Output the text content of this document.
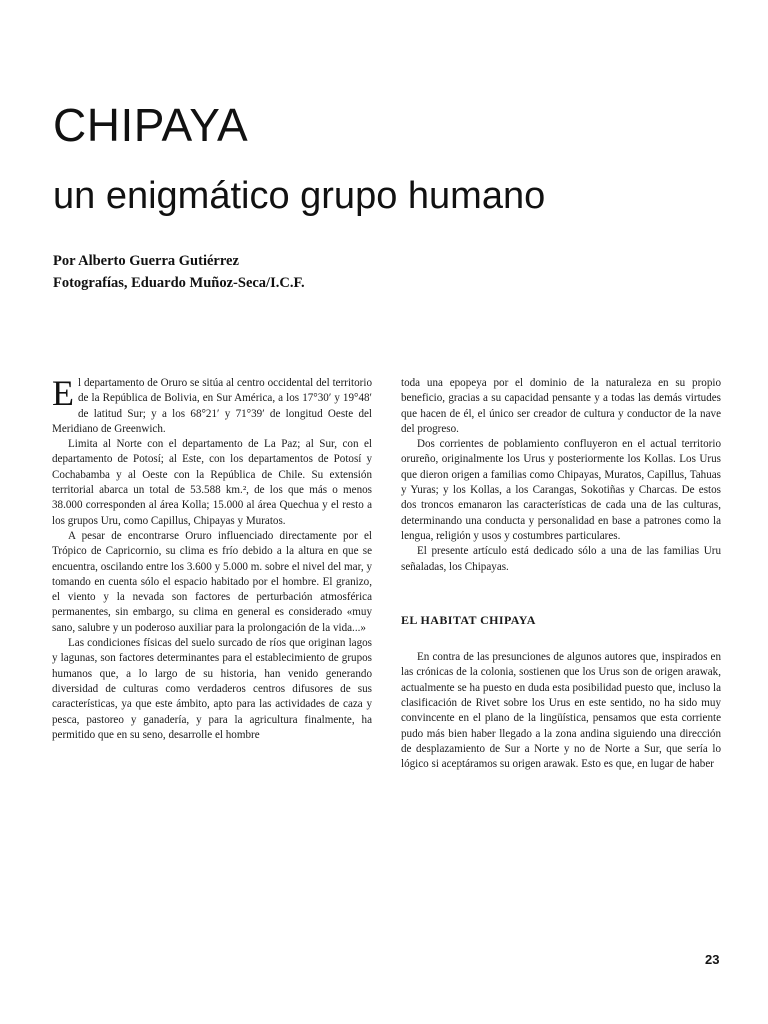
CHIPAYA
un enigmático grupo humano
Por Alberto Guerra Gutiérrez
Fotografías, Eduardo Muñoz-Seca/I.C.F.

El departamento de Oruro se sitúa al centro occidental del territorio de la República de Bolivia, en Sur América, a los 17°30′ y 19°48′ de latitud Sur; y a los 68°21′ y 71°39′ de longitud Oeste del Meridiano de Greenwich.

Limita al Norte con el departamento de La Paz; al Sur, con el departamento de Potosí; al Este, con los departamentos de Potosí y Cochabamba y al Oeste con la República de Chile. Su extensión territorial abarca un total de 53.588 km.², de los que más o menos 38.000 corresponden al área Kolla; 15.000 al área Quechua y el resto a los grupos Uru, como Capillus, Chipayas y Muratos.

A pesar de encontrarse Oruro influenciado directamente por el Trópico de Capricornio, su clima es frío debido a la altura en que se encuentra, oscilando entre los 3.600 y 5.000 m. sobre el nivel del mar, y tomando en cuenta sólo el espacio habitado por el hombre. El granizo, el viento y la nevada son factores de perturbación atmosférica permanentes, sin embargo, su clima en general es considerado «muy sano, salubre y un poderoso auxiliar para la prolongación de la vida...»

Las condiciones físicas del suelo surcado de ríos que originan lagos y lagunas, son factores determinantes para el establecimiento de grupos humanos que, a lo largo de su historia, han venido generando diversidad de culturas como verdaderos centros difusores de sus características, ya que este ámbito, apto para las actividades de caza y pesca, pastoreo y ganadería, y para la agricultura finalmente, ha permitido que en su seno, desarrolle el hombre

toda una epopeya por el dominio de la naturaleza en su propio beneficio, gracias a su capacidad pensante y a todas las demás virtudes que hacen de él, el único ser creador de cultura y conductor de la nave del progreso.

Dos corrientes de poblamiento confluyeron en el actual territorio orureño, originalmente los Urus y posteriormente los Kollas. Los Urus que dieron origen a familias como Chipayas, Muratos, Capillus, Tahuas y Yuras; y los Kollas, a los Carangas, Sokotiñas y Charcas. De estos dos troncos emanaron las características de cada una de las culturas, determinando una conducta y personalidad en base a patrones como la lengua, religión y usos y costumbres particulares.

El presente artículo está dedicado sólo a una de las familias Uru señaladas, los Chipayas.

EL HABITAT CHIPAYA

En contra de las presunciones de algunos autores que, inspirados en las crónicas de la colonia, sostienen que los Urus son de origen arawak, actualmente se ha puesto en duda esta posibilidad puesto que, incluso la clasificación de Rivet sobre los Urus en este sentido, no ha sido muy convincente en el plano de la lingüística, pensamos que esta corriente pudo más bien haber llegado a la zona andina siguiendo una dirección de desplazamiento de Sur a Norte y no de Norte a Sur, que sería lo lógico si aceptáramos su origen arawak. Esto es que, en lugar de haber

23
